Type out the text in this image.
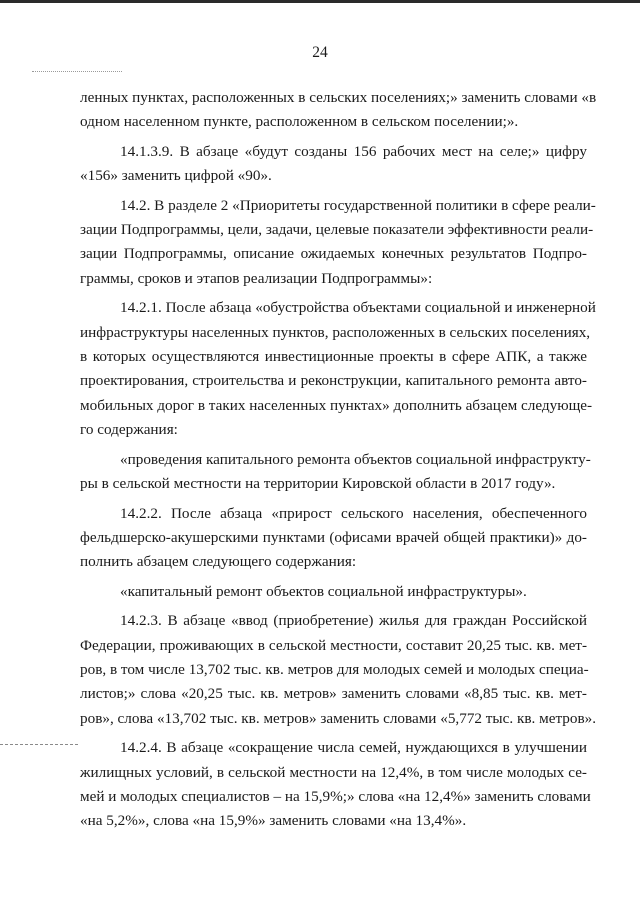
24

ленных пунктах, расположенных в сельских поселениях;» заменить словами «в
одном населенном пункте, расположенном в сельском поселении;».

14.1.3.9. В абзаце «будут созданы 156 рабочих мест на селе;» цифру
«156» заменить цифрой «90».

14.2. В разделе 2 «Приоритеты государственной политики в сфере реали-
зации Подпрограммы, цели, задачи, целевые показатели эффективности реали-
зации Подпрограммы, описание ожидаемых конечных результатов Подпро-
граммы, сроков и этапов реализации Подпрограммы»:

14.2.1. После абзаца «обустройства объектами социальной и инженерной
инфраструктуры населенных пунктов, расположенных в сельских поселениях,
в которых осуществляются инвестиционные проекты в сфере АПК, а также
проектирования, строительства и реконструкции, капитального ремонта авто-
мобильных дорог в таких населенных пунктах» дополнить абзацем следующе-
го содержания:

«проведения капитального ремонта объектов социальной инфраструкту-
ры в сельской местности на территории Кировской области в 2017 году».

14.2.2. После абзаца «прирост сельского населения, обеспеченного
фельдшерско-акушерскими пунктами (офисами врачей общей практики)» до-
полнить абзацем следующего содержания:

«капитальный ремонт объектов социальной инфраструктуры».

14.2.3. В абзаце «ввод (приобретение) жилья для граждан Российской
Федерации, проживающих в сельской местности, составит 20,25 тыс. кв. мет-
ров, в том числе 13,702 тыс. кв. метров для молодых семей и молодых специа-
листов;» слова «20,25 тыс. кв. метров» заменить словами «8,85 тыс. кв. мет-
ров», слова «13,702 тыс. кв. метров» заменить словами «5,772 тыс. кв. метров».

14.2.4. В абзаце «сокращение числа семей, нуждающихся в улучшении
жилищных условий, в сельской местности на 12,4%, в том числе молодых се-
мей и молодых специалистов – на 15,9%;» слова «на 12,4%» заменить словами
«на 5,2%», слова «на 15,9%» заменить словами «на 13,4%».
